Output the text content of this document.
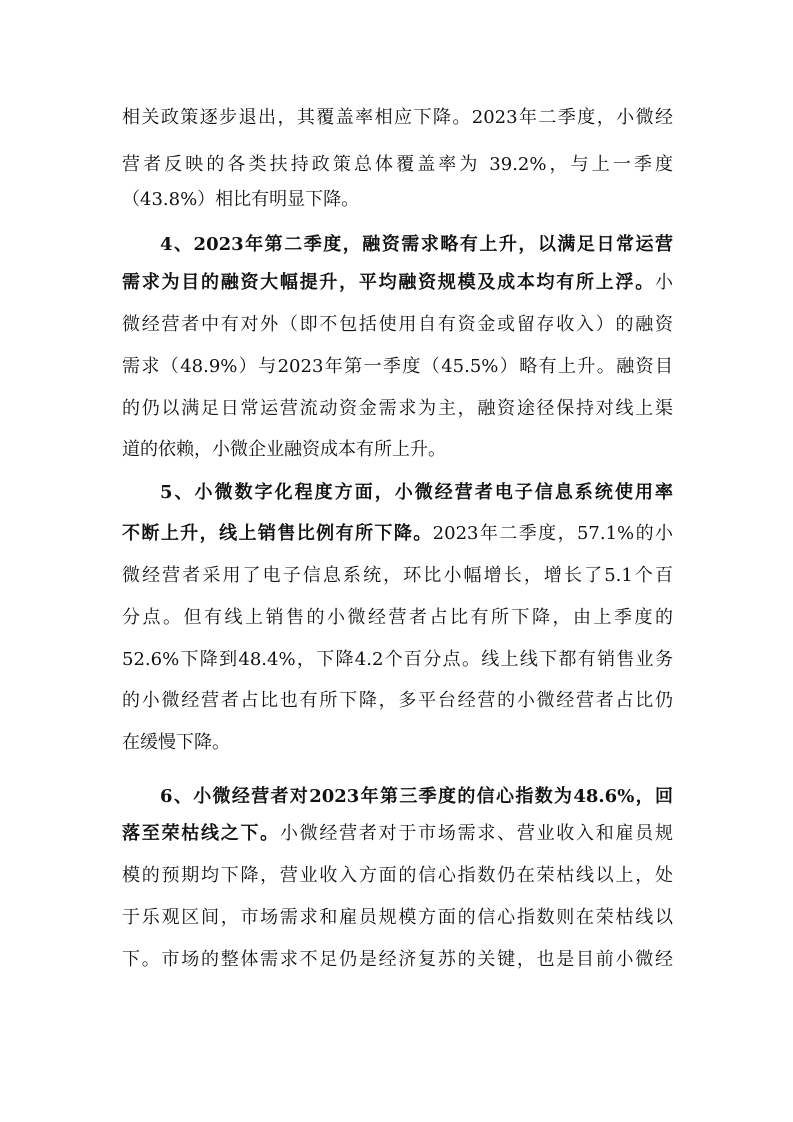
相关政策逐步退出，其覆盖率相应下降。2023年二季度，小微经
营者反映的各类扶持政策总体覆盖率为 39.2%，与上一季度
（43.8%）相比有明显下降。
4、2023年第二季度，融资需求略有上升，以满足日常运营
需求为目的融资大幅提升，平均融资规模及成本均有所上浮。小
微经营者中有对外（即不包括使用自有资金或留存收入）的融资
需求（48.9%）与2023年第一季度（45.5%）略有上升。融资目
的仍以满足日常运营流动资金需求为主，融资途径保持对线上渠
道的依赖，小微企业融资成本有所上升。
5、小微数字化程度方面，小微经营者电子信息系统使用率
不断上升，线上销售比例有所下降。2023年二季度，57.1%的小
微经营者采用了电子信息系统，环比小幅增长，增长了5.1个百
分点。但有线上销售的小微经营者占比有所下降，由上季度的
52.6%下降到48.4%，下降4.2个百分点。线上线下都有销售业务
的小微经营者占比也有所下降，多平台经营的小微经营者占比仍
在缓慢下降。
6、小微经营者对2023年第三季度的信心指数为48.6%，回
落至荣枯线之下。小微经营者对于市场需求、营业收入和雇员规
模的预期均下降，营业收入方面的信心指数仍在荣枯线以上，处
于乐观区间，市场需求和雇员规模方面的信心指数则在荣枯线以
下。市场的整体需求不足仍是经济复苏的关键，也是目前小微经
